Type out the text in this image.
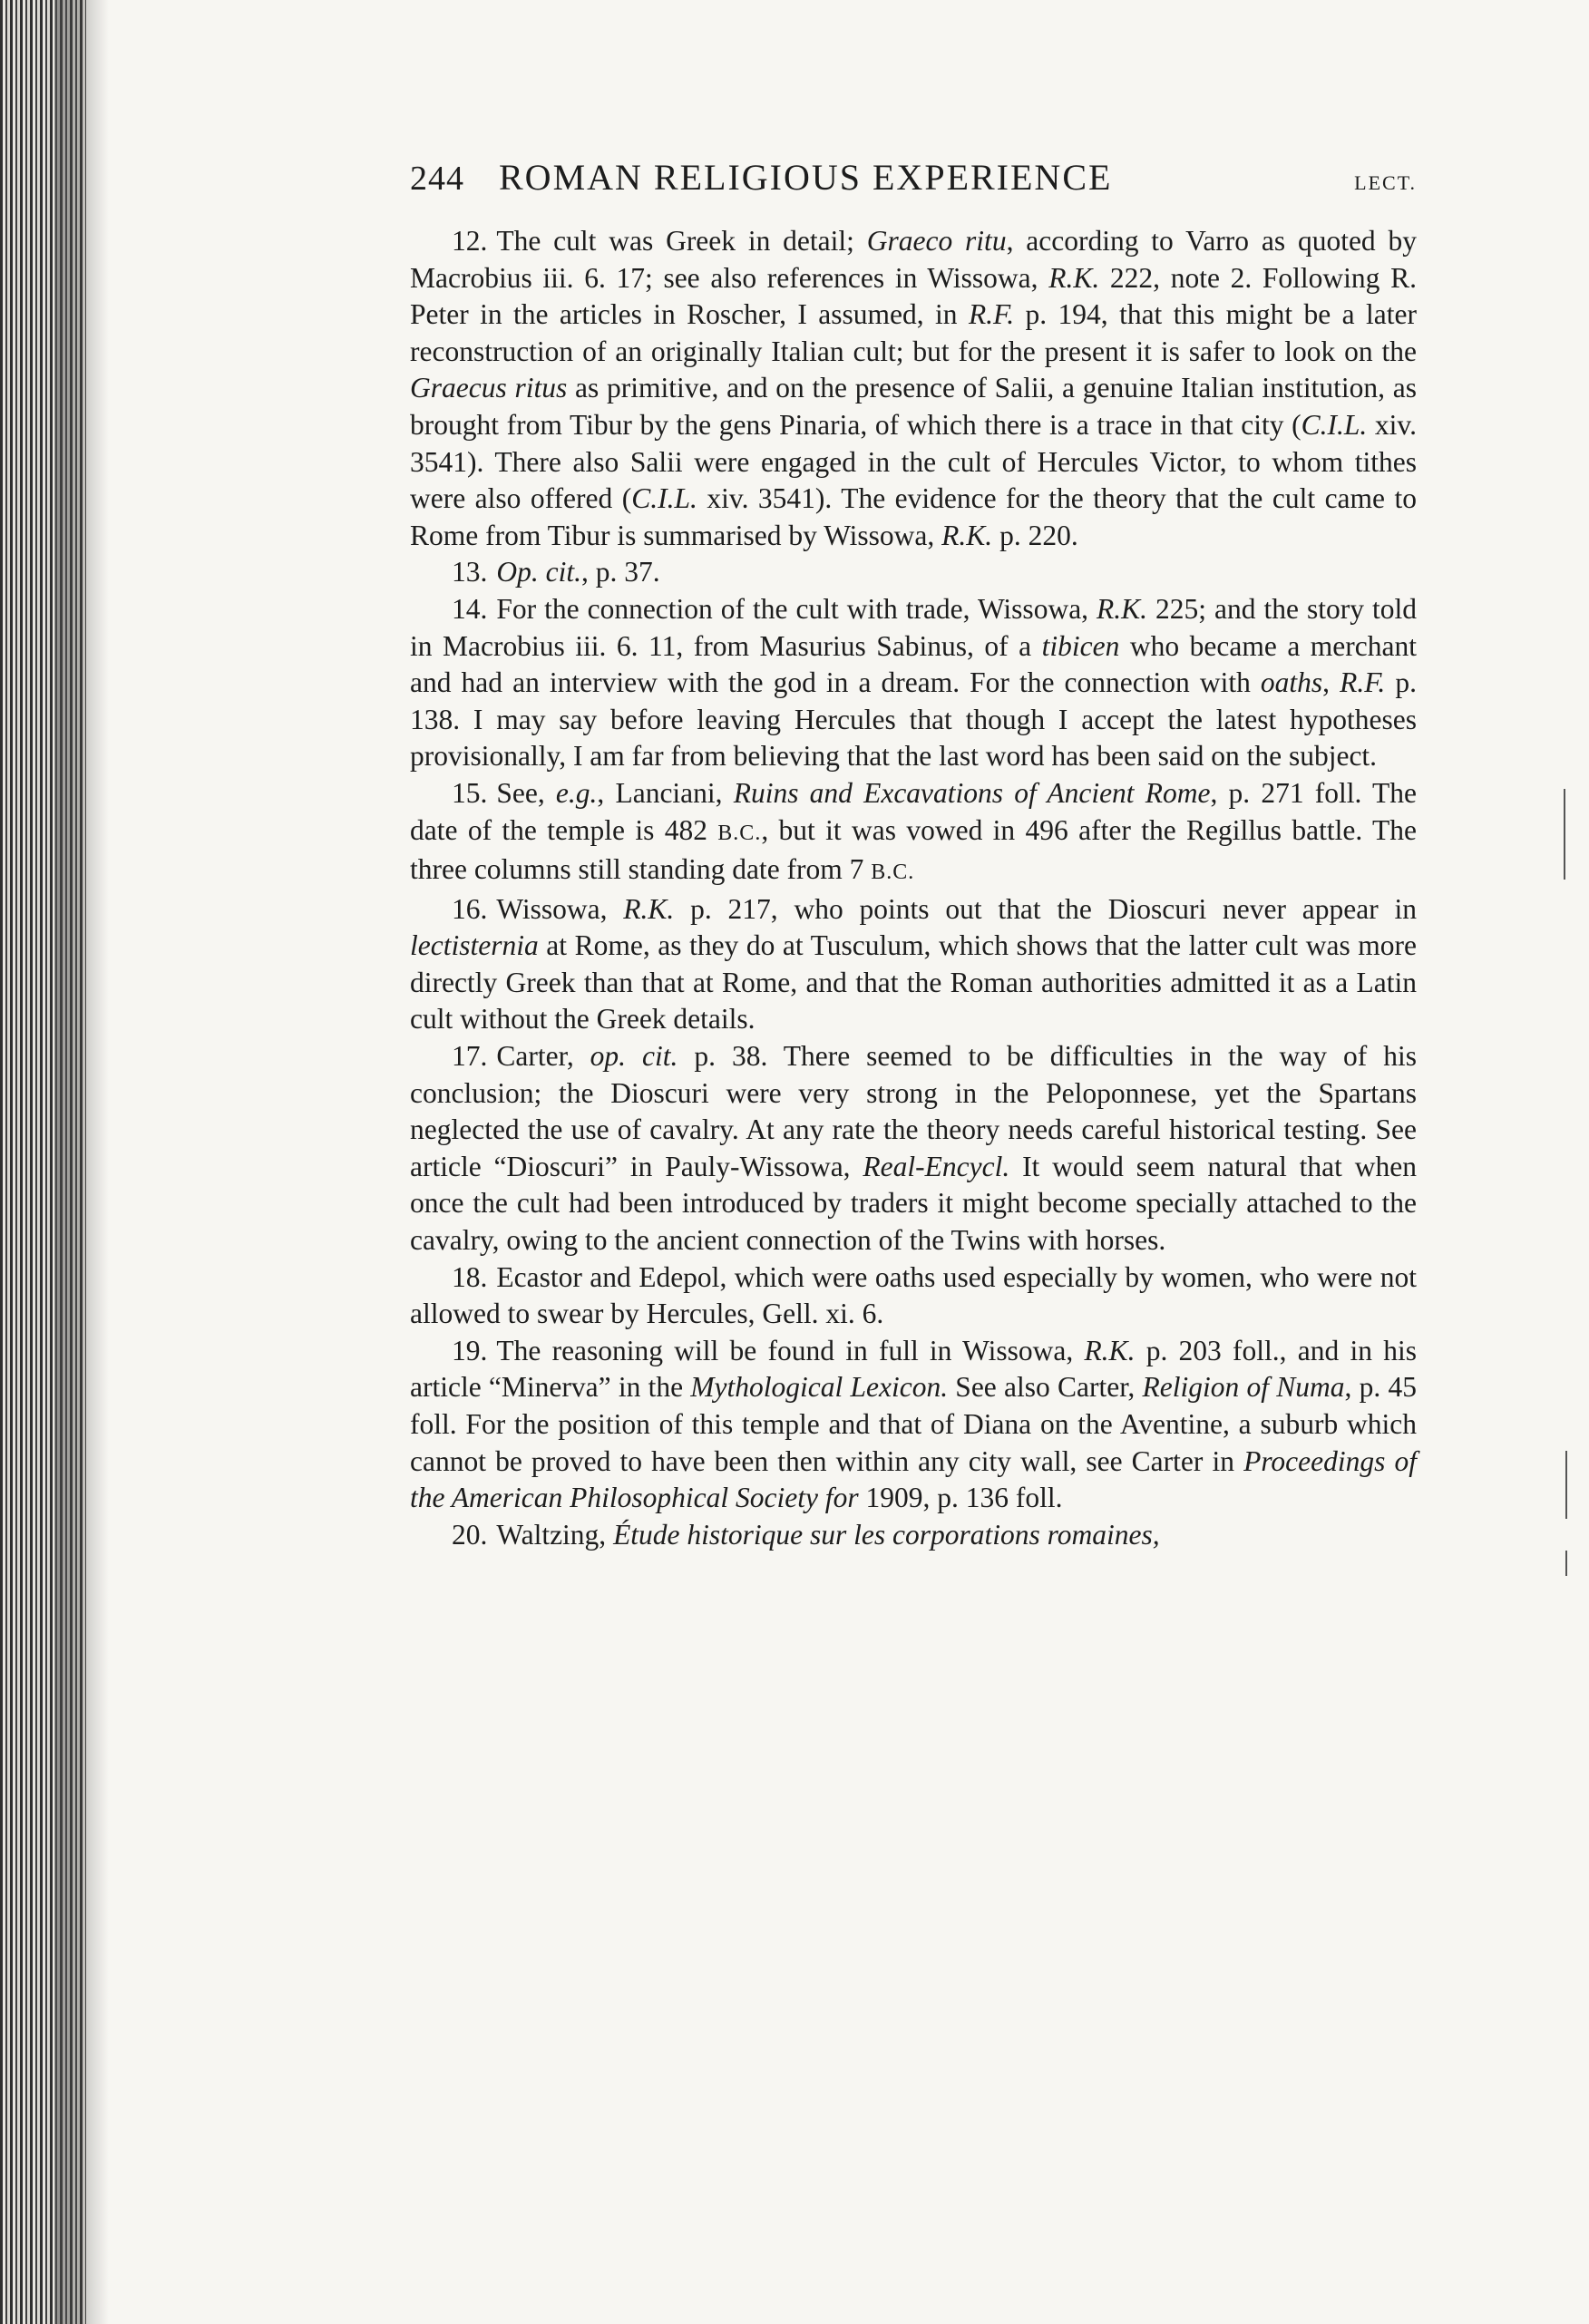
244 ROMAN RELIGIOUS EXPERIENCE	LECT.

12. The cult was Greek in detail; Graeco ritu, according to Varro as quoted by Macrobius iii. 6. 17; see also references in Wissowa, R.K. 222, note 2. Following R. Peter in the articles in Roscher, I assumed, in R.F. p. 194, that this might be a later reconstruction of an originally Italian cult; but for the present it is safer to look on the Graecus ritus as primitive, and on the presence of Salii, a genuine Italian institution, as brought from Tibur by the gens Pinaria, of which there is a trace in that city (C.I.L. xiv. 3541). There also Salii were engaged in the cult of Hercules Victor, to whom tithes were also offered (C.I.L. xiv. 3541). The evidence for the theory that the cult came to Rome from Tibur is summarised by Wissowa, R.K. p. 220.

13. Op. cit., p. 37.

14. For the connection of the cult with trade, Wissowa, R.K. 225; and the story told in Macrobius iii. 6. 11, from Masurius Sabinus, of a tibicen who became a merchant and had an interview with the god in a dream. For the connection with oaths, R.F. p. 138. I may say before leaving Hercules that though I accept the latest hypotheses provisionally, I am far from believing that the last word has been said on the subject.

15. See, e.g., Lanciani, Ruins and Excavations of Ancient Rome, p. 271 foll. The date of the temple is 482 B.C., but it was vowed in 496 after the Regillus battle. The three columns still standing date from 7 B.C.

16. Wissowa, R.K. p. 217, who points out that the Dioscuri never appear in lectisternia at Rome, as they do at Tusculum, which shows that the latter cult was more directly Greek than that at Rome, and that the Roman authorities admitted it as a Latin cult without the Greek details.

17. Carter, op. cit. p. 38. There seemed to be difficulties in the way of his conclusion; the Dioscuri were very strong in the Peloponnese, yet the Spartans neglected the use of cavalry. At any rate the theory needs careful historical testing. See article “Dioscuri” in Pauly-Wissowa, Real-Encycl. It would seem natural that when once the cult had been introduced by traders it might become specially attached to the cavalry, owing to the ancient connection of the Twins with horses.

18. Ecastor and Edepol, which were oaths used especially by women, who were not allowed to swear by Hercules, Gell. xi. 6.

19. The reasoning will be found in full in Wissowa, R.K. p. 203 foll., and in his article “Minerva” in the Mythological Lexicon. See also Carter, Religion of Numa, p. 45 foll. For the position of this temple and that of Diana on the Aventine, a suburb which cannot be proved to have been then within any city wall, see Carter in Proceedings of the American Philosophical Society for 1909, p. 136 foll.

20. Waltzing, Étude historique sur les corporations romaines,
